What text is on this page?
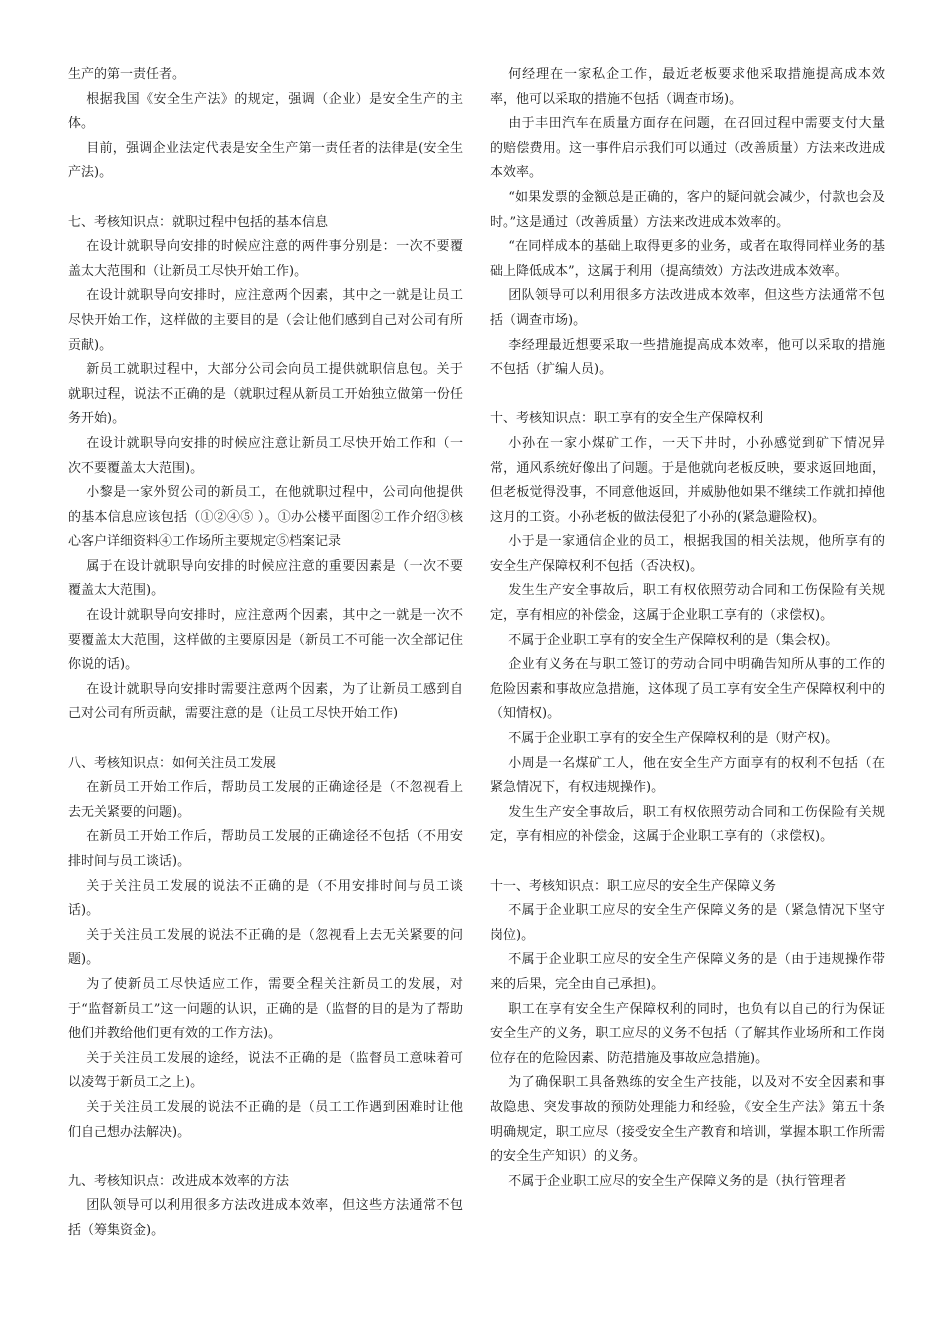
生产的第一责任者。

根据我国《安全生产法》的规定，强调（企业）是安全生产的主体。

目前，强调企业法定代表是安全生产第一责任者的法律是(安全生产法)。

七、考核知识点：就职过程中包括的基本信息

在设计就职导向安排的时候应注意的两件事分别是：一次不要覆盖太大范围和（让新员工尽快开始工作)。

在设计就职导向安排时，应注意两个因素，其中之一就是让员工尽快开始工作，这样做的主要目的是（会让他们感到自己对公司有所贡献)。

新员工就职过程中，大部分公司会向员工提供就职信息包。关于就职过程，说法不正确的是（就职过程从新员工开始独立做第一份任务开始)。

在设计就职导向安排的时候应注意让新员工尽快开始工作和（一次不要覆盖太大范围)。

小黎是一家外贸公司的新员工，在他就职过程中，公司向他提供的基本信息应该包括（①②④⑤ ）。①办公楼平面图②工作介绍③核心客户详细资料④工作场所主要规定⑤档案记录

属于在设计就职导向安排的时候应注意的重要因素是（一次不要覆盖太大范围)。

在设计就职导向安排时，应注意两个因素，其中之一就是一次不要覆盖太大范围，这样做的主要原因是（新员工不可能一次全部记住你说的话)。

在设计就职导向安排时需要注意两个因素，为了让新员工感到自己对公司有所贡献，需要注意的是（让员工尽快开始工作)

八、考核知识点：如何关注员工发展

在新员工开始工作后，帮助员工发展的正确途径是（不忽视看上去无关紧要的问题)。

在新员工开始工作后，帮助员工发展的正确途径不包括（不用安排时间与员工谈话)。

关于关注员工发展的说法不正确的是（不用安排时间与员工谈话)。

关于关注员工发展的说法不正确的是（忽视看上去无关紧要的问题)。

为了使新员工尽快适应工作，需要全程关注新员工的发展，对于“监督新员工”这一问题的认识，正确的是（监督的目的是为了帮助他们并教给他们更有效的工作方法)。

关于关注员工发展的途经，说法不正确的是（监督员工意味着可以凌驾于新员工之上)。

关于关注员工发展的说法不正确的是（员工工作遇到困难时让他们自己想办法解决)。

九、考核知识点：改进成本效率的方法

团队领导可以利用很多方法改进成本效率，但这些方法通常不包括（筹集资金)。

何经理在一家私企工作，最近老板要求他采取措施提高成本效率，他可以采取的措施不包括（调查市场)。

由于丰田汽车在质量方面存在问题，在召回过程中需要支付大量的赔偿费用。这一事件启示我们可以通过（改善质量）方法来改进成本效率。

“如果发票的金额总是正确的，客户的疑问就会减少，付款也会及时。”这是通过（改善质量）方法来改进成本效率的。

“在同样成本的基础上取得更多的业务，或者在取得同样业务的基础上降低成本”，这属于利用（提高绩效）方法改进成本效率。

团队领导可以利用很多方法改进成本效率，但这些方法通常不包括（调查市场)。

李经理最近想要采取一些措施提高成本效率，他可以采取的措施不包括（扩编人员)。

十、考核知识点：职工享有的安全生产保障权利

小孙在一家小煤矿工作，一天下井时，小孙感觉到矿下情况异常，通风系统好像出了问题。于是他就向老板反映，要求返回地面，但老板觉得没事，不同意他返回，并威胁他如果不继续工作就扣掉他这月的工资。小孙老板的做法侵犯了小孙的(紧急避险权)。

小于是一家通信企业的员工，根据我国的相关法规，他所享有的安全生产保障权利不包括（否决权)。

发生生产安全事故后，职工有权依照劳动合同和工伤保险有关规定，享有相应的补偿金，这属于企业职工享有的（求偿权)。

不属于企业职工享有的安全生产保障权利的是（集会权)。

企业有义务在与职工签订的劳动合同中明确告知所从事的工作的危险因素和事故应急措施，这体现了员工享有安全生产保障权利中的（知情权)。

不属于企业职工享有的安全生产保障权利的是（财产权)。

小周是一名煤矿工人，他在安全生产方面享有的权利不包括（在紧急情况下，有权违规操作)。

发生生产安全事故后，职工有权依照劳动合同和工伤保险有关规定，享有相应的补偿金，这属于企业职工享有的（求偿权)。

十一、考核知识点：职工应尽的安全生产保障义务

不属于企业职工应尽的安全生产保障义务的是（紧急情况下坚守岗位)。

不属于企业职工应尽的安全生产保障义务的是（由于违规操作带来的后果，完全由自己承担)。

职工在享有安全生产保障权利的同时，也负有以自己的行为保证安全生产的义务，职工应尽的义务不包括（了解其作业场所和工作岗位存在的危险因素、防范措施及事故应急措施)。

为了确保职工具备熟练的安全生产技能，以及对不安全因素和事故隐患、突发事故的预防处理能力和经验，《安全生产法》第五十条明确规定，职工应尽（接受安全生产教育和培训，掌握本职工作所需的安全生产知识）的义务。

不属于企业职工应尽的安全生产保障义务的是（执行管理者
